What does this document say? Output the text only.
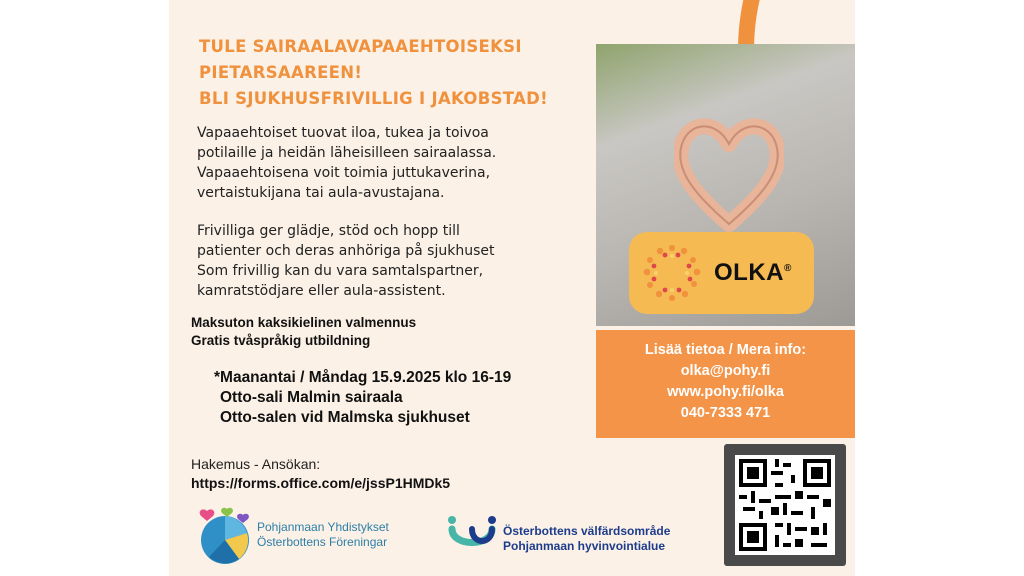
TULE SAIRAALAVAPAAEHTOISEKSI
PIETARSAAREEN!
BLI SJUKHUSFRIVILLIG I JAKOBSTAD!
Vapaaehtoiset tuovat iloa, tukea ja toivoa
potilaille ja heidän läheisilleen sairaalassa.
Vapaaehtoisena voit toimia juttukaverina,
vertaistukijana tai aula-avustajana.
Frivilliga ger glädje, stöd och hopp till
patienter och deras anhöriga på sjukhuset
Som frivillig kan du vara samtalspartner,
kamratstödjare eller aula-assistent.
Maksuton kaksikielinen valmennus
Gratis tvåspråkig utbildning
*Maanantai / Måndag 15.9.2025 klo 16-19
Otto-sali Malmin sairaala
Otto-salen vid Malmska sjukhuset
Hakemus - Ansökan:
https://forms.office.com/e/jssP1HMDk5
OLKA®
Lisää tietoa / Mera info:
olka@pohy.fi
www.pohy.fi/olka
040-7333 471
Pohjanmaan Yhdistykset
Österbottens Föreningar
Österbottens välfärdsområde
Pohjanmaan hyvinvointialue
